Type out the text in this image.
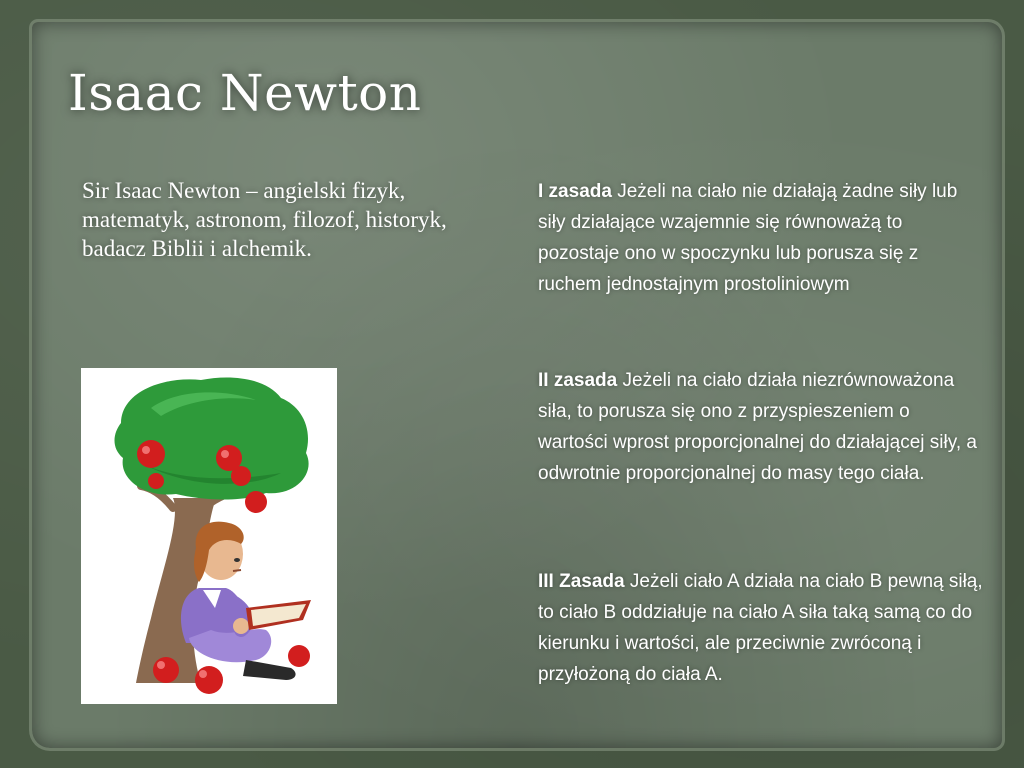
Isaac Newton

Sir Isaac Newton – angielski fizyk, matematyk, astronom, filozof, historyk, badacz Biblii i alchemik.

I zasada Jeżeli na ciało nie działają żadne siły lub siły działające wzajemnie się równoważą to pozostaje ono w spoczynku lub porusza się z ruchem jednostajnym prostoliniowym

II zasada Jeżeli na ciało działa niezrównoważona siła, to porusza się ono z przyspieszeniem o wartości wprost proporcjonalnej do działającej siły, a odwrotnie proporcjonalnej do masy tego ciała.

III Zasada Jeżeli ciało A działa na ciało B pewną siłą, to ciało B oddziałuje na ciało A siła taką samą co do kierunku i wartości, ale przeciwnie zwróconą i przyłożoną do ciała A.
